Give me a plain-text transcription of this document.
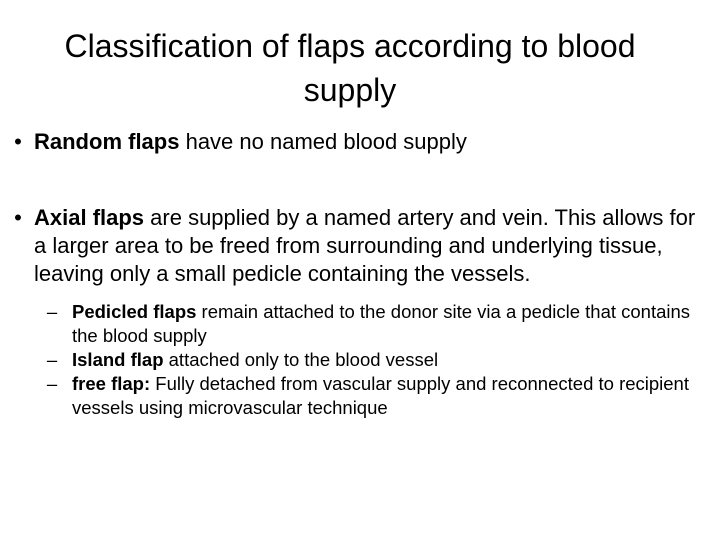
Classification of flaps according to blood supply
• Random flaps have no named blood supply
• Axial flaps are supplied by a named artery and vein. This allows for a larger area to be freed from surrounding and underlying tissue, leaving only a small pedicle containing the vessels.
– Pedicled flaps remain attached to the donor site via a pedicle that contains the blood supply
– Island flap attached only to the blood vessel
– free flap: Fully detached from vascular supply and reconnected to recipient vessels using microvascular technique
